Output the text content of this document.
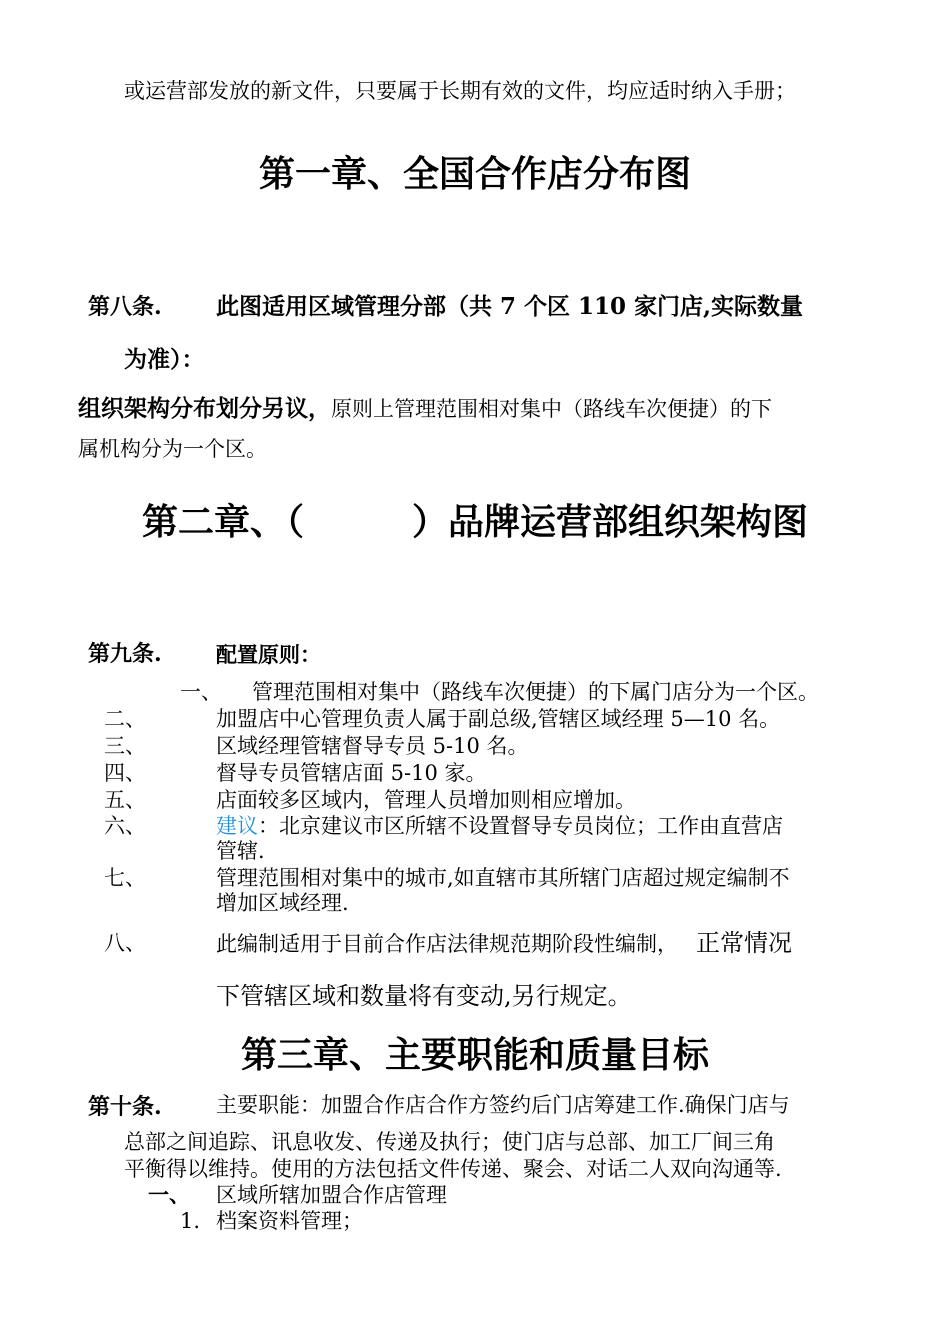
或运营部发放的新文件，只要属于长期有效的文件，均应适时纳入手册；
第一章、全国合作店分布图
第八条. 此图适用区域管理分部（共 7 个区 110 家门店,实际数量
为准）：
组织架构分布划分另议，原则上管理范围相对集中（路线车次便捷）的下
属机构分为一个区。
第二章、（　　　）品牌运营部组织架构图
第九条.	配置原则：
一、 管理范围相对集中（路线车次便捷）的下属门店分为一个区。
二、	加盟店中心管理负责人属于副总级,管辖区域经理 5—10 名。
三、	区域经理管辖督导专员 5-10 名。
四、	督导专员管辖店面 5-10 家。
五、	店面较多区域内，管理人员增加则相应增加。
六、	建议：北京建议市区所辖不设置督导专员岗位；工作由直营店
管辖.
七、	管理范围相对集中的城市,如直辖市其所辖门店超过规定编制不
增加区域经理.
八、	此编制适用于目前合作店法律规范期阶段性编制， 正常情况
下管辖区域和数量将有变动,另行规定。
第三章、主要职能和质量目标
第十条.	主要职能：加盟合作店合作方签约后门店筹建工作.确保门店与
总部之间追踪、讯息收发、传递及执行；使门店与总部、加工厂间三角
平衡得以维持。使用的方法包括文件传递、聚会、对话二人双向沟通等.
一、 区域所辖加盟合作店管理
1. 档案资料管理；
